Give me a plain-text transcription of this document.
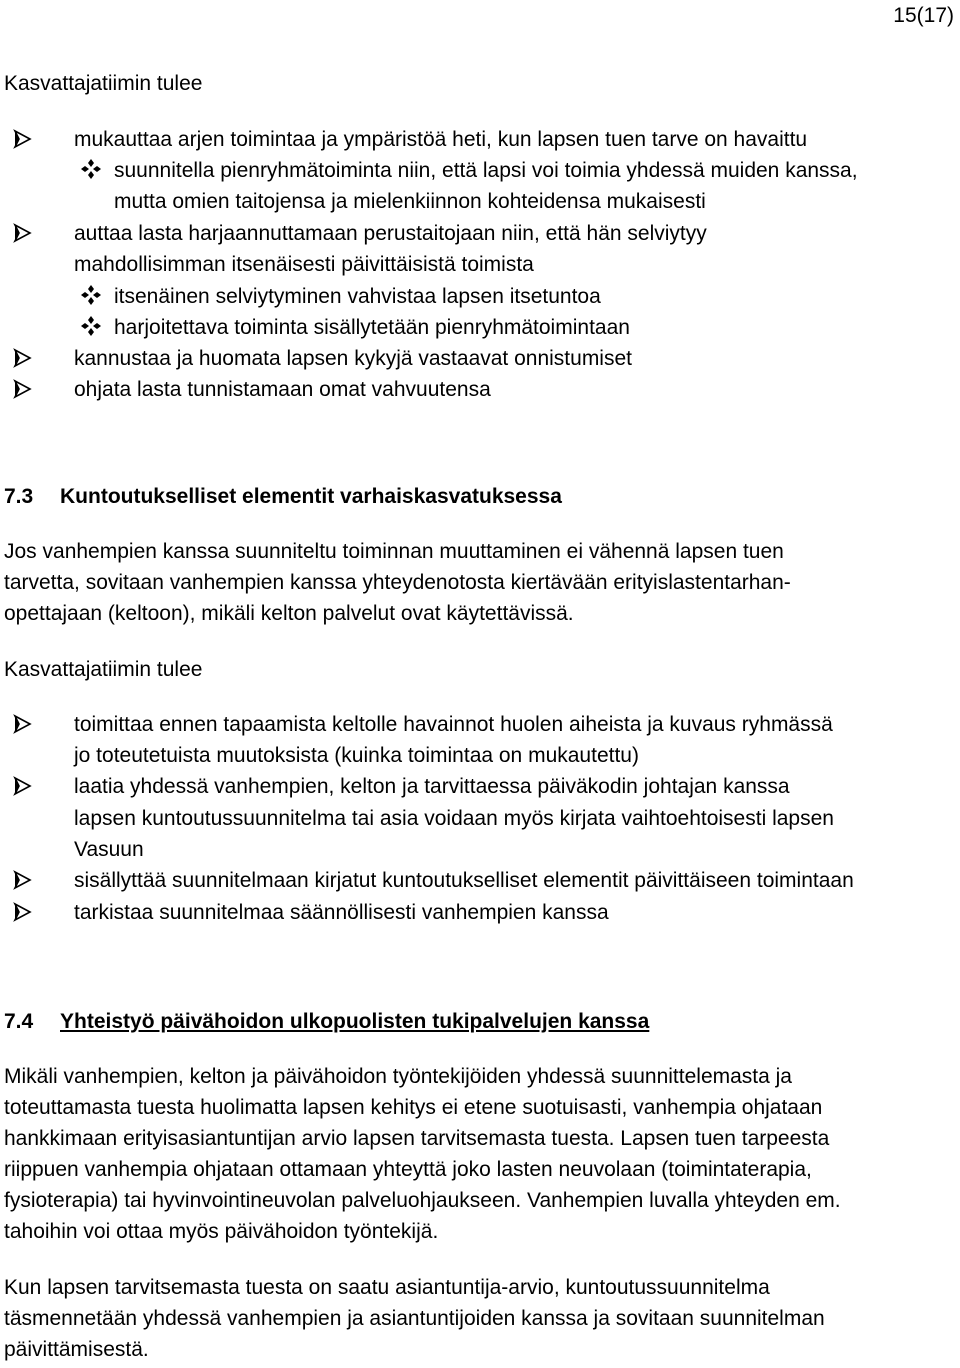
15(17)
Kasvattajatiimin tulee
mukauttaa arjen toimintaa ja ympäristöä heti, kun lapsen tuen tarve on havaittu
suunnitella pienryhmätoiminta niin, että lapsi voi toimia yhdessä muiden kanssa,
mutta omien taitojensa ja mielenkiinnon kohteidensa mukaisesti
auttaa lasta harjaannuttamaan perustaitojaan niin, että hän selviytyy
mahdollisimman itsenäisesti päivittäisistä toimista
itsenäinen selviytyminen vahvistaa lapsen itsetuntoa
harjoitettava toiminta sisällytetään pienryhmätoimintaan
kannustaa ja huomata lapsen kykyjä vastaavat onnistumiset
ohjata lasta tunnistamaan omat vahvuutensa
7.3 Kuntoutukselliset elementit varhaiskasvatuksessa
Jos vanhempien kanssa suunniteltu toiminnan muuttaminen ei vähennä lapsen tuen
tarvetta, sovitaan vanhempien kanssa yhteydenotosta kiertävään erityislastentarhan-
opettajaan (keltoon), mikäli kelton palvelut ovat käytettävissä.
Kasvattajatiimin tulee
toimittaa ennen tapaamista keltolle havainnot huolen aiheista ja kuvaus ryhmässä
jo toteutetuista muutoksista (kuinka toimintaa on mukautettu)
laatia yhdessä vanhempien, kelton ja tarvittaessa päiväkodin johtajan kanssa
lapsen kuntoutussuunnitelma tai asia voidaan myös kirjata vaihtoehtoisesti lapsen
Vasuun
sisällyttää suunnitelmaan kirjatut kuntoutukselliset elementit päivittäiseen toimintaan
tarkistaa suunnitelmaa säännöllisesti vanhempien kanssa
7.4 Yhteistyö päivähoidon ulkopuolisten tukipalvelujen kanssa
Mikäli vanhempien, kelton ja päivähoidon työntekijöiden yhdessä suunnittelemasta ja
toteuttamasta tuesta huolimatta lapsen kehitys ei etene suotuisasti, vanhempia ohjataan
hankkimaan erityisasiantuntijan arvio lapsen tarvitsemasta tuesta. Lapsen tuen tarpeesta
riippuen vanhempia ohjataan ottamaan yhteyttä joko lasten neuvolaan (toimintaterapia,
fysioterapia) tai hyvinvointineuvolan palveluohjaukseen. Vanhempien luvalla yhteyden em.
tahoihin voi ottaa myös päivähoidon työntekijä.
Kun lapsen tarvitsemasta tuesta on saatu asiantuntija-arvio, kuntoutussuunnitelma
täsmennetään yhdessä vanhempien ja asiantuntijoiden kanssa ja sovitaan suunnitelman
päivittämisestä.
